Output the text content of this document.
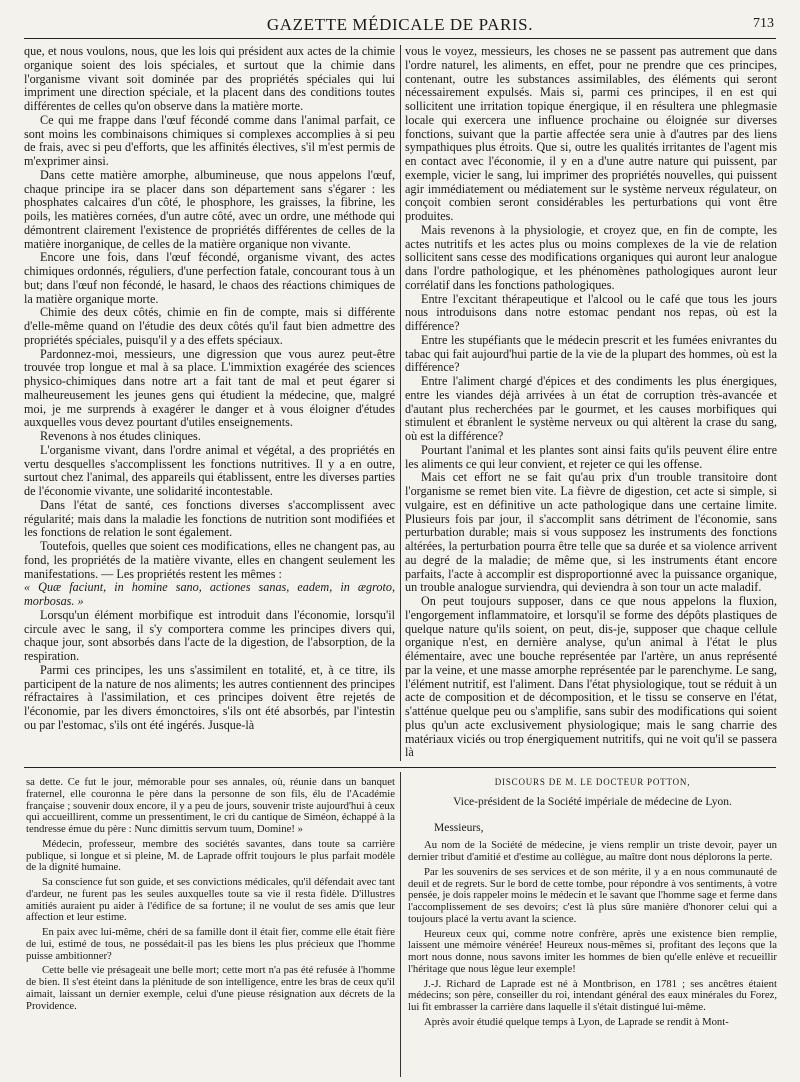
GAZETTE MÉDICALE DE PARIS.	713

que, et nous voulons, nous, que les lois qui président aux actes de la chimie organique soient des lois spéciales, et surtout que la chimie dans l'organisme vivant soit dominée par des propriétés spéciales qui lui impriment une direction spéciale, et la placent dans des conditions toutes différentes de celles qu'on observe dans la matière morte.

Ce qui me frappe dans l'œuf fécondé comme dans l'animal parfait, ce sont moins les combinaisons chimiques si complexes accomplies à si peu de frais, avec si peu d'efforts, que les affinités électives, s'il m'est permis de m'exprimer ainsi.

Dans cette matière amorphe, albumineuse, que nous appelons l'œuf, chaque principe ira se placer dans son département sans s'égarer : les phosphates calcaires d'un côté, le phosphore, les graisses, la fibrine, les poils, les matières cornées, d'un autre côté, avec un ordre, une méthode qui démontrent clairement l'existence de propriétés différentes de celles de la matière inorganique, de celles de la matière organique non vivante.

Encore une fois, dans l'œuf fécondé, organisme vivant, des actes chimiques ordonnés, réguliers, d'une perfection fatale, concourant tous à un but; dans l'œuf non fécondé, le hasard, le chaos des réactions chimiques de la matière organique morte.

Chimie des deux côtés, chimie en fin de compte, mais si différente d'elle-même quand on l'étudie des deux côtés qu'il faut bien admettre des propriétés spéciales, puisqu'il y a des effets spéciaux.

Pardonnez-moi, messieurs, une digression que vous aurez peut-être trouvée trop longue et mal à sa place. L'immixtion exagérée des sciences physico-chimiques dans notre art a fait tant de mal et peut égarer si malheureusement les jeunes gens qui étudient la médecine, que, malgré moi, je me surprends à exagérer le danger et à vous éloigner d'études auxquelles vous devez pourtant d'utiles enseignements.

Revenons à nos études cliniques.

L'organisme vivant, dans l'ordre animal et végétal, a des propriétés en vertu desquelles s'accomplissent les fonctions nutritives. Il y a en outre, surtout chez l'animal, des appareils qui établissent, entre les diverses parties de l'économie vivante, une solidarité incontestable.

Dans l'état de santé, ces fonctions diverses s'accomplissent avec régularité; mais dans la maladie les fonctions de nutrition sont modifiées et les fonctions de relation le sont également.

Toutefois, quelles que soient ces modifications, elles ne changent pas, au fond, les propriétés de la matière vivante, elles en changent seulement les manifestations. — Les propriétés restent les mêmes :

« Quæ faciunt, in homine sano, actiones sanas, eadem, in ægroto, morbosas. »

Lorsqu'un élément morbifique est introduit dans l'économie, lorsqu'il circule avec le sang, il s'y comportera comme les principes divers qui, chaque jour, sont absorbés dans l'acte de la digestion, de l'absorption, de la respiration.

Parmi ces principes, les uns s'assimilent en totalité, et, à ce titre, ils participent de la nature de nos aliments; les autres contiennent des principes réfractaires à l'assimilation, et ces principes doivent être rejetés de l'économie, par les divers émonctoires, s'ils ont été absorbés, par l'intestin ou par l'estomac, s'ils ont été ingérés. Jusque-là

vous le voyez, messieurs, les choses ne se passent pas autrement que dans l'ordre naturel, les aliments, en effet, pour ne prendre que ces principes, contenant, outre les substances assimilables, des éléments qui seront nécessairement expulsés. Mais si, parmi ces principes, il en est qui sollicitent une irritation topique énergique, il en résultera une phlegmasie locale qui exercera une influence prochaine ou éloignée sur diverses fonctions, suivant que la partie affectée sera unie à d'autres par des liens sympathiques plus étroits. Que si, outre les qualités irritantes de l'agent mis en contact avec l'économie, il y en a d'une autre nature qui puissent, par exemple, vicier le sang, lui imprimer des propriétés nouvelles, qui puissent agir immédiatement ou médiatement sur le système nerveux régulateur, on conçoit combien seront considérables les perturbations qui vont être produites.

Mais revenons à la physiologie, et croyez que, en fin de compte, les actes nutritifs et les actes plus ou moins complexes de la vie de relation sollicitent sans cesse des modifications organiques qui auront leur analogue dans l'ordre pathologique, et les phénomènes pathologiques auront leur corrélatif dans les fonctions pathologiques.

Entre l'excitant thérapeutique et l'alcool ou le café que tous les jours nous introduisons dans notre estomac pendant nos repas, où est la différence?

Entre les stupéfiants que le médecin prescrit et les fumées enivrantes du tabac qui fait aujourd'hui partie de la vie de la plupart des hommes, où est la différence?

Entre l'aliment chargé d'épices et des condiments les plus énergiques, entre les viandes déjà arrivées à un état de corruption très-avancée et d'autant plus recherchées par le gourmet, et les causes morbifiques qui stimulent et ébranlent le système nerveux ou qui altèrent la crase du sang, où est la différence?

Pourtant l'animal et les plantes sont ainsi faits qu'ils peuvent élire entre les aliments ce qui leur convient, et rejeter ce qui les offense.

Mais cet effort ne se fait qu'au prix d'un trouble transitoire dont l'organisme se remet bien vite. La fièvre de digestion, cet acte si simple, si vulgaire, est en définitive un acte pathologique dans une certaine limite. Plusieurs fois par jour, il s'accomplit sans détriment de l'économie, sans perturbation durable; mais si vous supposez les instruments des fonctions altérées, la perturbation pourra être telle que sa durée et sa violence arrivent au degré de la maladie; de même que, si les instruments étant encore parfaits, l'acte à accomplir est disproportionné avec la puissance organique, un trouble analogue surviendra, qui deviendra à son tour un acte maladif.

On peut toujours supposer, dans ce que nous appelons la fluxion, l'engorgement inflammatoire, et lorsqu'il se forme des dépôts plastiques de quelque nature qu'ils soient, on peut, dis-je, supposer que chaque cellule organique n'est, en dernière analyse, qu'un animal à l'état le plus élémentaire, avec une bouche représentée par l'artère, un anus représenté par la veine, et une masse amorphe représentée par le parenchyme. Le sang, l'élément nutritif, est l'aliment. Dans l'état physiologique, tout se réduit à un acte de composition et de décomposition, et le tissu se conserve en l'état, s'atténue quelque peu ou s'amplifie, sans subir des modifications qui soient plus qu'un acte exclusivement physiologique; mais le sang charrie des matériaux viciés ou trop énergiquement nutritifs, qui ne voit qu'il se passera là

sa dette. Ce fut le jour, mémorable pour ses annales, où, réunie dans un banquet fraternel, elle couronna le père dans la personne de son fils, élu de l'Académie française ; souvenir doux encore, il y a peu de jours, souvenir triste aujourd'hui à ceux qui accueillirent, comme un pressentiment, le cri du cantique de Siméon, échappé à la tendresse émue du père : Nunc dimittis servum tuum, Domine! »

Médecin, professeur, membre des sociétés savantes, dans toute sa carrière publique, si longue et si pleine, M. de Laprade offrit toujours le plus parfait modèle de la dignité humaine.

Sa conscience fut son guide, et ses convictions médicales, qu'il défendait avec tant d'ardeur, ne furent pas les seules auxquelles toute sa vie il resta fidèle. D'illustres amitiés auraient pu aider à l'édifice de sa fortune; il ne voulut de ses amis que leur affection et leur estime.

En paix avec lui-même, chéri de sa famille dont il était fier, comme elle était fière de lui, estimé de tous, ne possédait-il pas les biens les plus précieux que l'homme puisse ambitionner?

Cette belle vie présageait une belle mort; cette mort n'a pas été refusée à l'homme de bien. Il s'est éteint dans la plénitude de son intelligence, entre les bras de ceux qu'il aimait, laissant un dernier exemple, celui d'une pieuse résignation aux décrets de la Providence.

DISCOURS DE M. LE DOCTEUR POTTON,

Vice-président de la Société impériale de médecine de Lyon.

Messieurs,

Au nom de la Société de médecine, je viens remplir un triste devoir, payer un dernier tribut d'amitié et d'estime au collègue, au maître dont nous déplorons la perte.

Par les souvenirs de ses services et de son mérite, il y a en nous communauté de deuil et de regrets. Sur le bord de cette tombe, pour répondre à vos sentiments, à votre pensée, je dois rappeler moins le médecin et le savant que l'homme sage et ferme dans l'accomplissement de ses devoirs; c'est là plus sûre manière d'honorer celui qui a toujours placé la vertu avant la science.

Heureux ceux qui, comme notre confrère, après une existence bien remplie, laissent une mémoire vénérée! Heureux nous-mêmes si, profitant des leçons que la mort nous donne, nous savons imiter les hommes de bien qu'elle enlève et recueillir l'héritage que nous lègue leur exemple!

J.-J. Richard de Laprade est né à Montbrison, en 1781 ; ses ancêtres étaient médecins; son père, conseiller du roi, intendant général des eaux minérales du Forez, lui fit embrasser la carrière dans laquelle il s'était distingué lui-même.

Après avoir étudié quelque temps à Lyon, de Laprade se rendit à Mont-
